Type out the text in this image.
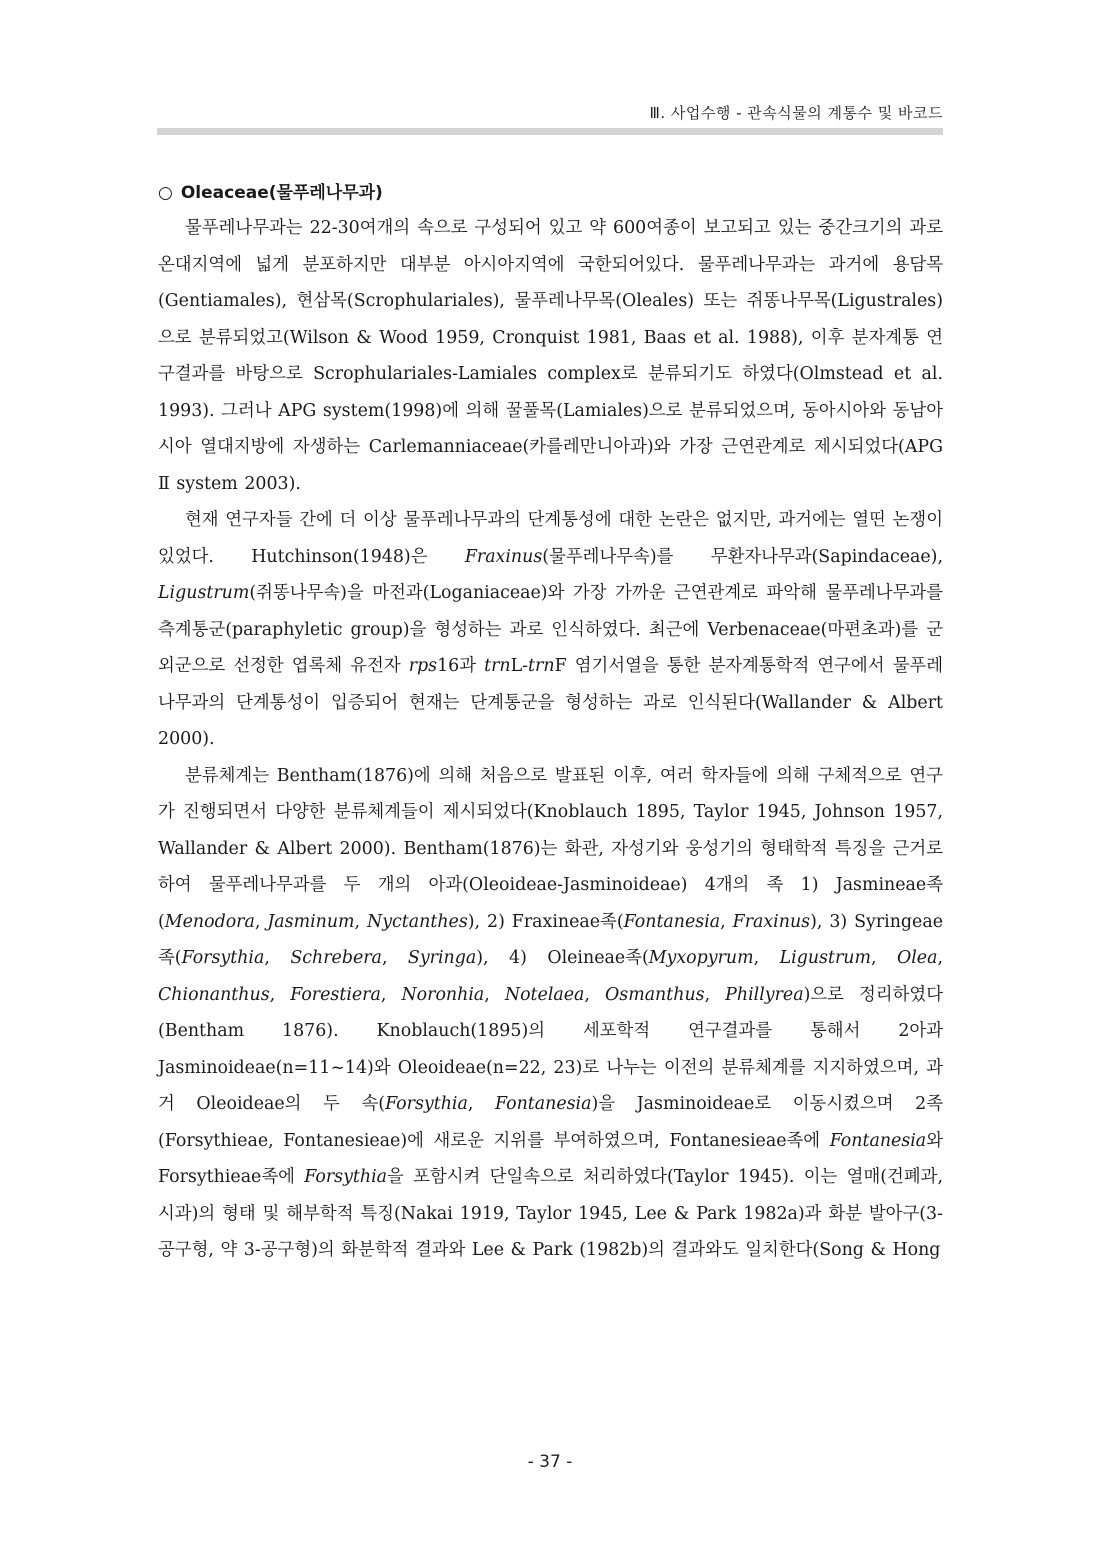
Ⅲ. 사업수행 - 관속식물의 계통수 및 바코드
○ Oleaceae(물푸레나무과)

물푸레나무과는 22-30여개의 속으로 구성되어 있고 약 600여종이 보고되고 있는 중간크기의 과로 온대지역에 넓게 분포하지만 대부분 아시아지역에 국한되어있다. 물푸레나무과는 과거에 용담목(Gentiamales), 현삼목(Scrophulariales), 물푸레나무목(Oleales) 또는 쥐똥나무목(Ligustrales)으로 분류되었고(Wilson & Wood 1959, Cronquist 1981, Baas et al. 1988), 이후 분자계통 연구결과를 바탕으로 Scrophulariales-Lamiales complex로 분류되기도 하였다(Olmstead et al. 1993). 그러나 APG system(1998)에 의해 꿀풀목(Lamiales)으로 분류되었으며, 동아시아와 동남아시아 열대지방에 자생하는 Carlemanniaceae(카를레만니아과)와 가장 근연관계로 제시되었다(APG Ⅱ system 2003).

현재 연구자들 간에 더 이상 물푸레나무과의 단계통성에 대한 논란은 없지만, 과거에는 열띤 논쟁이 있었다. Hutchinson(1948)은 Fraxinus(물푸레나무속)를 무환자나무과(Sapindaceae), Ligustrum(쥐똥나무속)을 마전과(Loganiaceae)와 가장 가까운 근연관계로 파악해 물푸레나무과를 측계통군(paraphyletic group)을 형성하는 과로 인식하였다. 최근에 Verbenaceae(마편초과)를 군외군으로 선정한 엽록체 유전자 rps16과 trnL-trnF 염기서열을 통한 분자계통학적 연구에서 물푸레나무과의 단계통성이 입증되어 현재는 단계통군을 형성하는 과로 인식된다(Wallander & Albert 2000).

분류체계는 Bentham(1876)에 의해 처음으로 발표된 이후, 여러 학자들에 의해 구체적으로 연구가 진행되면서 다양한 분류체계들이 제시되었다(Knoblauch 1895, Taylor 1945, Johnson 1957, Wallander & Albert 2000). Bentham(1876)는 화관, 자성기와 웅성기의 형태학적 특징을 근거로 하여 물푸레나무과를 두 개의 아과(Oleoideae-Jasminoideae) 4개의 족 1) Jasmineae족(Menodora, Jasminum, Nyctanthes), 2) Fraxineae족(Fontanesia, Fraxinus), 3) Syringeae족(Forsythia, Schrebera, Syringa), 4) Oleineae족(Myxopyrum, Ligustrum, Olea, Chionanthus, Forestiera, Noronhia, Notelaea, Osmanthus, Phillyrea)으로 정리하였다(Bentham 1876). Knoblauch(1895)의 세포학적 연구결과를 통해서 2아과 Jasminoideae(n=11~14)와 Oleoideae(n=22, 23)로 나누는 이전의 분류체계를 지지하였으며, 과거 Oleoideae의 두 속(Forsythia, Fontanesia)을 Jasminoideae로 이동시켰으며 2족(Forsythieae, Fontanesieae)에 새로운 지위를 부여하였으며, Fontanesieae족에 Fontanesia와 Forsythieae족에 Forsythia을 포함시켜 단일속으로 처리하였다(Taylor 1945). 이는 열매(건폐과, 시과)의 형태 및 해부학적 특징(Nakai 1919, Taylor 1945, Lee & Park 1982a)과 화분 발아구(3-공구형, 약 3-공구형)의 화분학적 결과와 Lee & Park (1982b)의 결과와도 일치한다(Song & Hong

- 37 -
